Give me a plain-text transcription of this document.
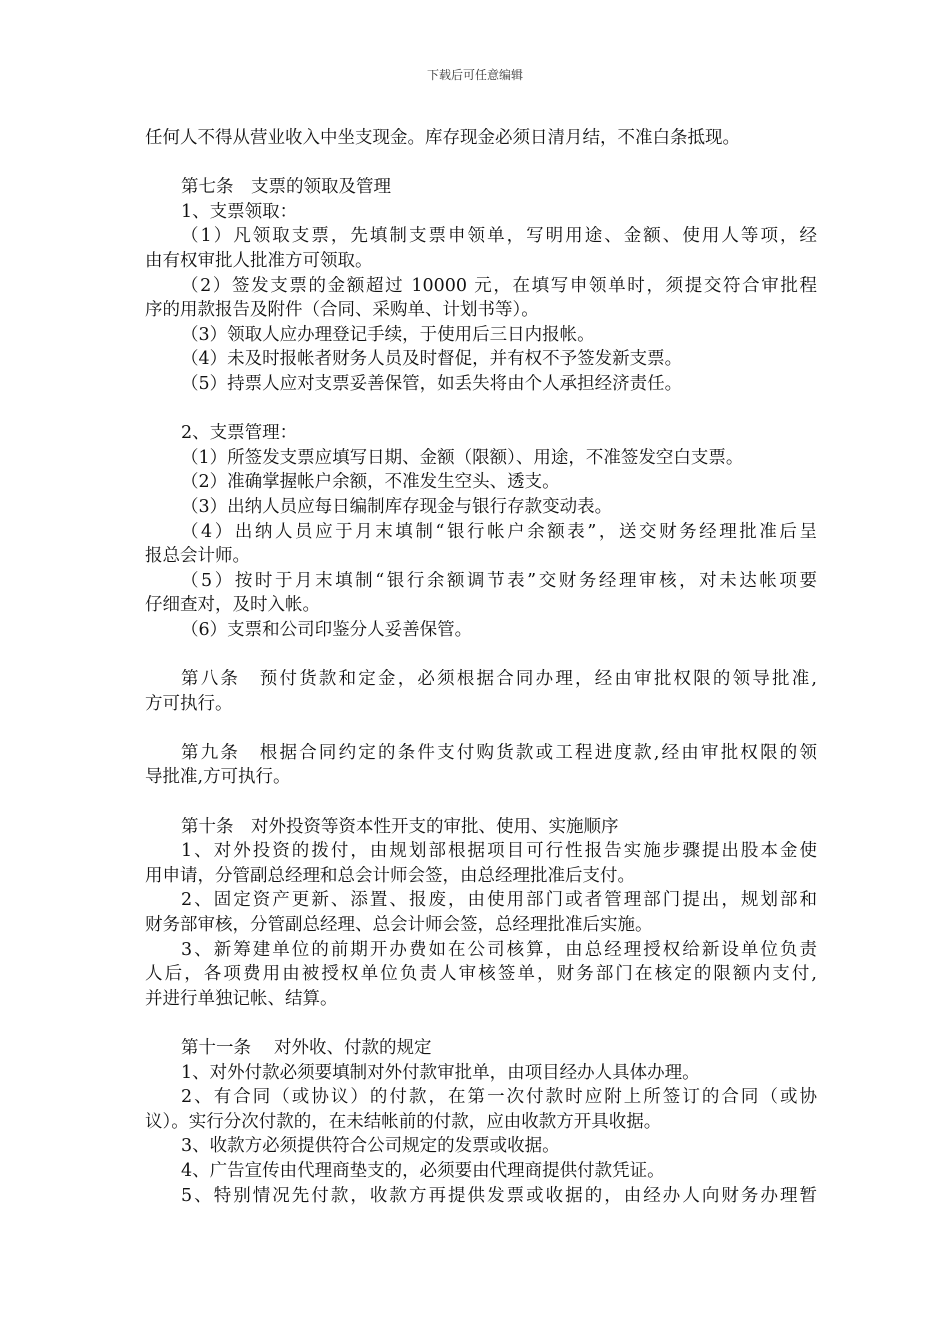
下载后可任意编辑

任何人不得从营业收入中坐支现金。库存现金必须日清月结，不准白条抵现。

第七条　支票的领取及管理

1、支票领取：

（1）凡领取支票，先填制支票申领单，写明用途、金额、使用人等项，经

由有权审批人批准方可领取。

（2）签发支票的金额超过 10000 元，在填写申领单时，须提交符合审批程

序的用款报告及附件（合同、采购单、计划书等）。

（3）领取人应办理登记手续，于使用后三日内报帐。

（4）未及时报帐者财务人员及时督促，并有权不予签发新支票。

（5）持票人应对支票妥善保管，如丢失将由个人承担经济责任。

2、支票管理：

（1）所签发支票应填写日期、金额（限额）、用途，不准签发空白支票。

（2）准确掌握帐户余额，不准发生空头、透支。

（3）出纳人员应每日编制库存现金与银行存款变动表。

（4）出纳人员应于月末填制“银行帐户余额表”，送交财务经理批准后呈

报总会计师。

（5）按时于月末填制“银行余额调节表”交财务经理审核，对未达帐项要

仔细查对，及时入帐。

（6）支票和公司印鉴分人妥善保管。

第八条　预付货款和定金，必须根据合同办理，经由审批权限的领导批准,

方可执行。

第九条　根据合同约定的条件支付购货款或工程进度款,经由审批权限的领

导批准,方可执行。

第十条　对外投资等资本性开支的审批、使用、实施顺序

1、对外投资的拨付，由规划部根据项目可行性报告实施步骤提出股本金使

用申请，分管副总经理和总会计师会签，由总经理批准后支付。

2、固定资产更新、添置、报废，由使用部门或者管理部门提出，规划部和

财务部审核，分管副总经理、总会计师会签，总经理批准后实施。

3、新筹建单位的前期开办费如在公司核算，由总经理授权给新设单位负责

人后，各项费用由被授权单位负责人审核签单，财务部门在核定的限额内支付,

并进行单独记帐、结算。

第十一条　 对外收、付款的规定

1、对外付款必须要填制对外付款审批单，由项目经办人具体办理。

2、有合同（或协议）的付款，在第一次付款时应附上所签订的合同（或协

议）。实行分次付款的，在未结帐前的付款，应由收款方开具收据。

3、收款方必须提供符合公司规定的发票或收据。

4、广告宣传由代理商垫支的，必须要由代理商提供付款凭证。

5、特别情况先付款，收款方再提供发票或收据的，由经办人向财务办理暂
